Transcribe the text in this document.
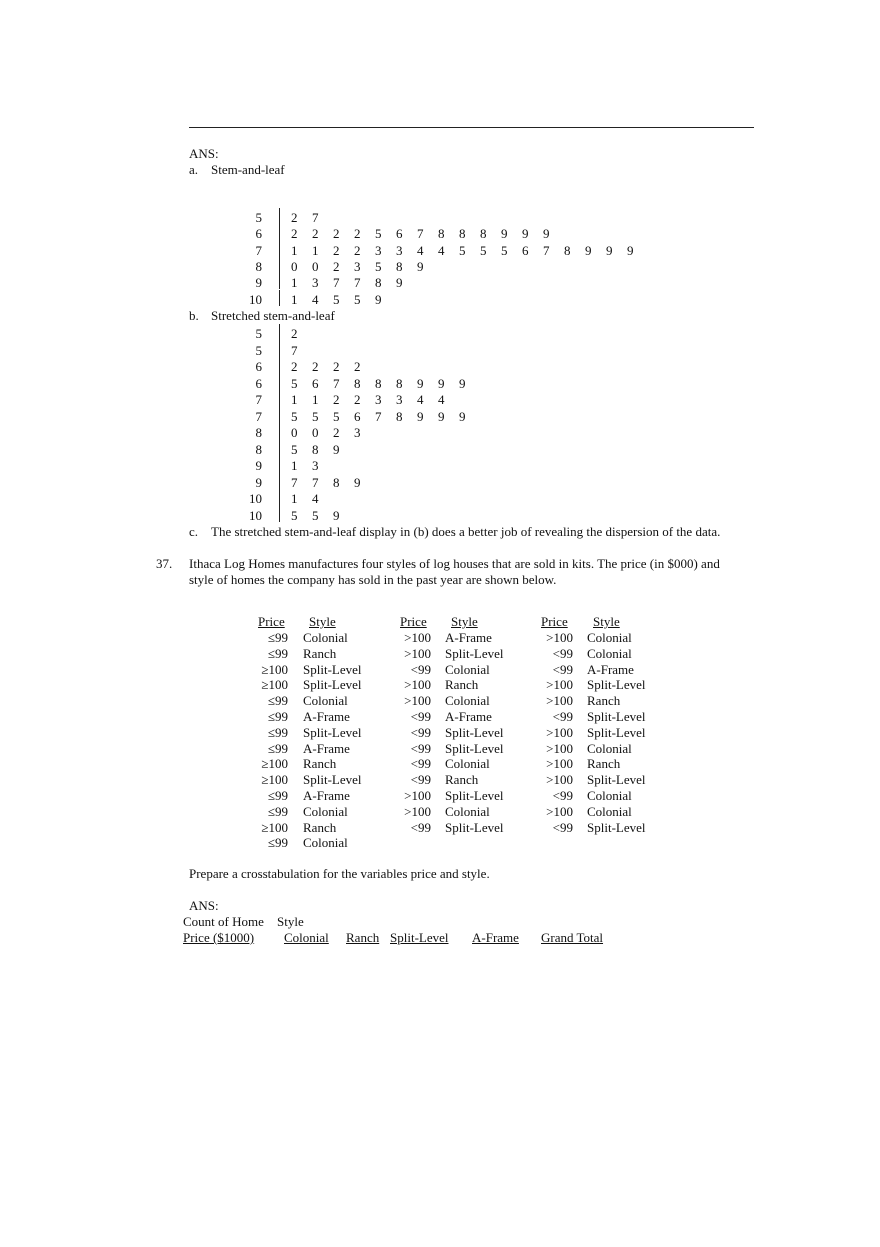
ANS:
a. Stem-and-leaf
5 2 7
6 2 2 2 2 5 6 7 8 8 8 9 9 9
7 1 1 2 2 3 3 4 4 5 5 5 6 7 8 9 9 9
8 0 0 2 3 5 8 9
9 1 3 7 7 8 9
10 1 4 5 5 9
b. Stretched stem-and-leaf
5 2
5 7
6 2 2 2 2
6 5 6 7 8 8 8 9 9 9
7 1 1 2 2 3 3 4 4
7 5 5 5 6 7 8 9 9 9
8 0 0 2 3
8 5 8 9
9 1 3
9 7 7 8 9
10 1 4
10 5 5 9
c. The stretched stem-and-leaf display in (b) does a better job of revealing the dispersion of the data.
37. Ithaca Log Homes manufactures four styles of log houses that are sold in kits. The price (in $000) and
style of homes the company has sold in the past year are shown below.
Price Style
≤99 Colonial
≤99 Ranch
≥100 Split-Level
≥100 Split-Level
≤99 Colonial
≤99 A-Frame
≤99 Split-Level
≤99 A-Frame
≥100 Ranch
≥100 Split-Level
≤99 A-Frame
≤99 Colonial
≥100 Ranch
≤99 Colonial
Price Style
>100 A-Frame
>100 Split-Level
<99 Colonial
>100 Ranch
>100 Colonial
<99 A-Frame
<99 Split-Level
<99 Split-Level
<99 Colonial
<99 Ranch
>100 Split-Level
>100 Colonial
<99 Split-Level
Price Style
>100 Colonial
<99 Colonial
<99 A-Frame
>100 Split-Level
>100 Ranch
<99 Split-Level
>100 Split-Level
>100 Colonial
>100 Ranch
>100 Split-Level
<99 Colonial
>100 Colonial
<99 Split-Level
Prepare a crosstabulation for the variables price and style.
ANS:
Count of Home Style
Price ($1000) Colonial Ranch Split-Level A-Frame Grand Total
